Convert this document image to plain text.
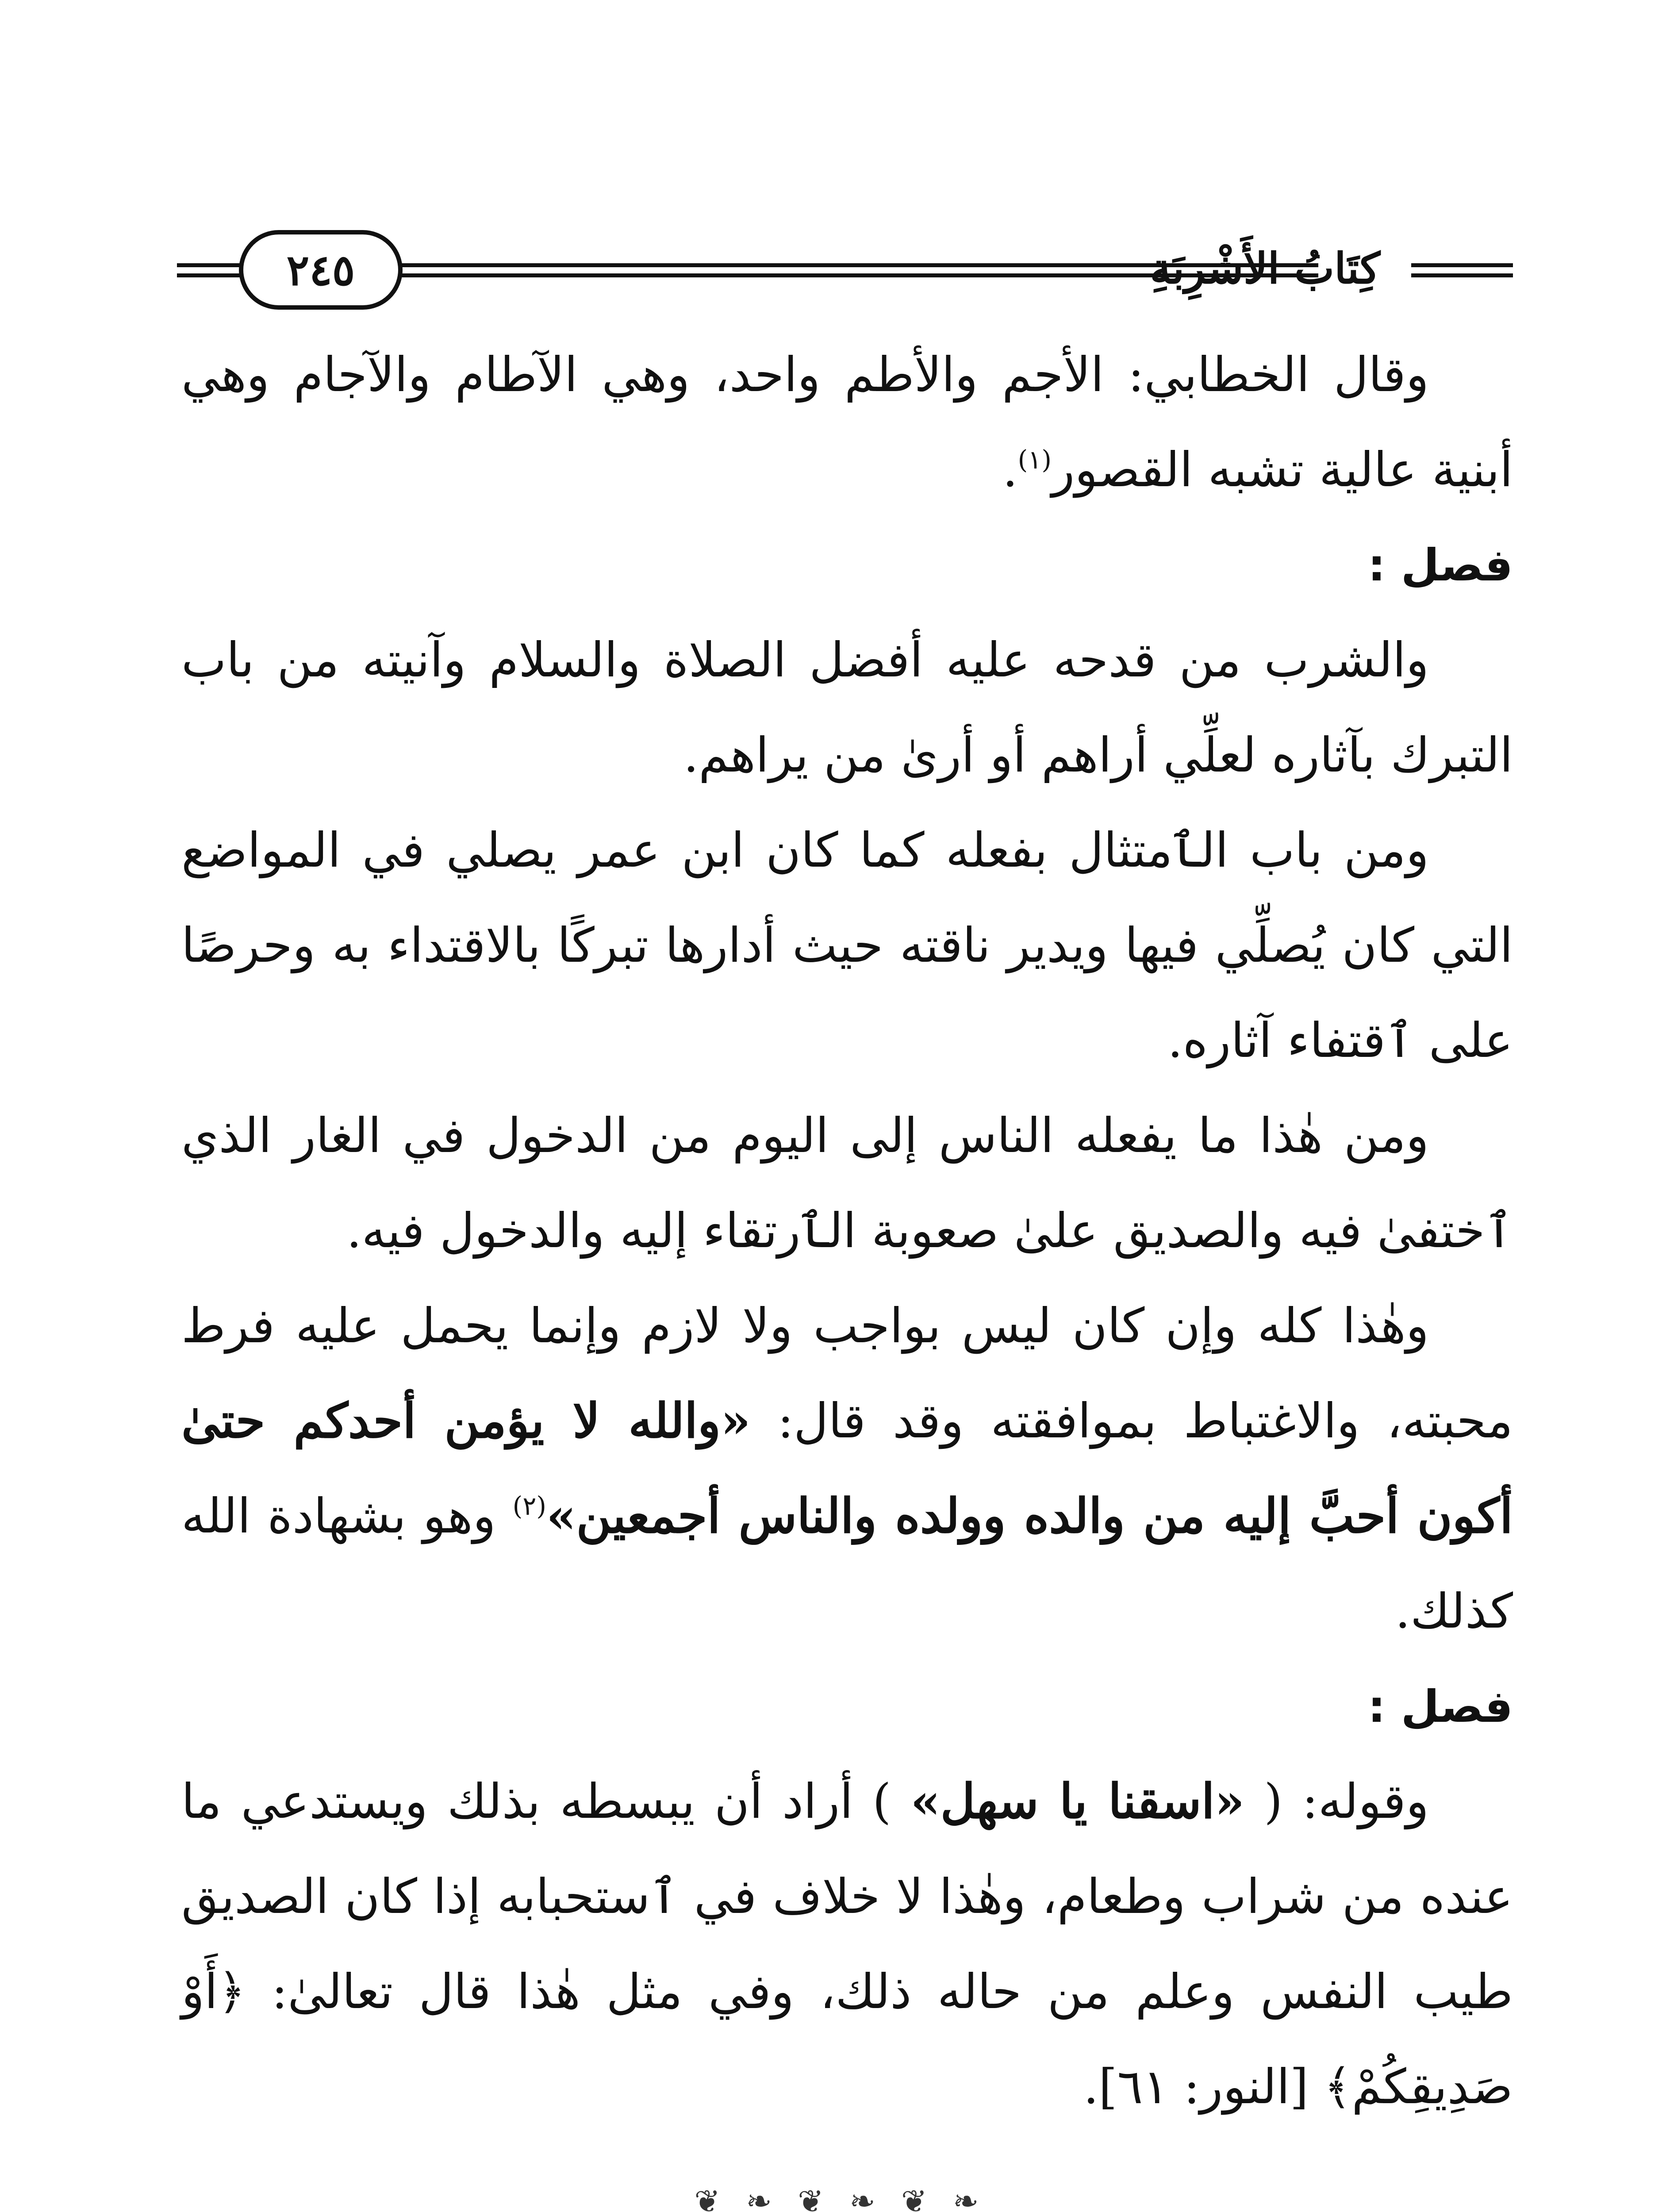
٢٤٥	كِتَابُ الأَشْرِبَةِ

وقال الخطابي: الأجم والأطم واحد، وهي الآطام والآجام وهي أبنية عالية تشبه القصور$^{(١)}$.

فصل :

والشرب من قدحه عليه أفضل الصلاة والسلام وآنيته من باب التبرك بآثاره لعلِّي أراهم أو أرىٰ من يراهم.

ومن باب الٱمتثال بفعله كما كان ابن عمر يصلي في المواضع التي كان يُصلِّي فيها ويدير ناقته حيث أدارها تبركًا بالاقتداء به وحرصًا على ٱقتفاء آثاره.

ومن هٰذا ما يفعله الناس إلى اليوم من الدخول في الغار الذي ٱختفىٰ فيه والصديق علىٰ صعوبة الٱرتقاء إليه والدخول فيه.

وهٰذا كله وإن كان ليس بواجب ولا لازم وإنما يحمل عليه فرط محبته، والاغتباط بموافقته وقد قال: «والله لا يؤمن أحدكم حتىٰ أكون أحبَّ إليه من والده وولده والناس أجمعين»$^{(٢)}$ وهو بشهادة الله كذلك.

فصل :

وقوله: ( «اسقنا يا سهل» ) أراد أن يبسطه بذلك ويستدعي ما عنده من شراب وطعام، وهٰذا لا خلاف في ٱستحبابه إذا كان الصديق طيب النفس وعلم من حاله ذلك، وفي مثل هٰذا قال تعالىٰ: ﴿أَوْ صَدِيقِكُمْ﴾ [النور: ٦١].

❦ ❧ ❦ ❧ ❦ ❧
